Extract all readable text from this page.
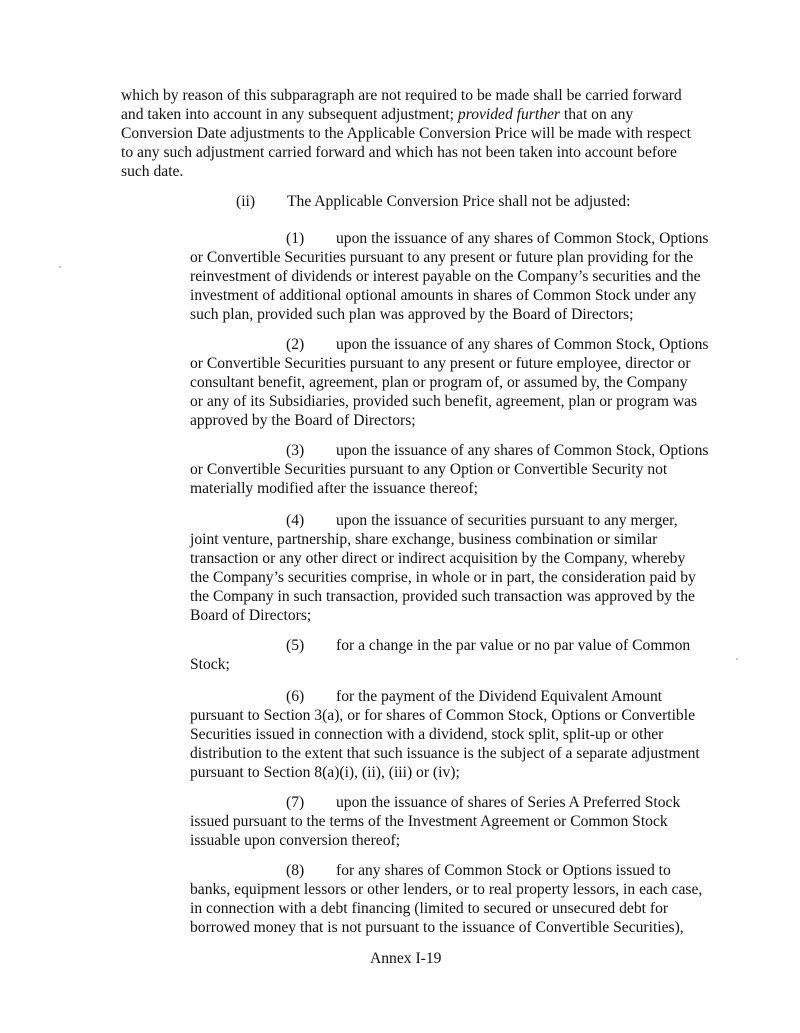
which by reason of this subparagraph are not required to be made shall be carried forward
and taken into account in any subsequent adjustment; provided further that on any
Conversion Date adjustments to the Applicable Conversion Price will be made with respect
to any such adjustment carried forward and which has not been taken into account before
such date.
(ii) The Applicable Conversion Price shall not be adjusted:
(1) upon the issuance of any shares of Common Stock, Options
or Convertible Securities pursuant to any present or future plan providing for the
reinvestment of dividends or interest payable on the Company’s securities and the
investment of additional optional amounts in shares of Common Stock under any
such plan, provided such plan was approved by the Board of Directors;
(2) upon the issuance of any shares of Common Stock, Options
or Convertible Securities pursuant to any present or future employee, director or
consultant benefit, agreement, plan or program of, or assumed by, the Company
or any of its Subsidiaries, provided such benefit, agreement, plan or program was
approved by the Board of Directors;
(3) upon the issuance of any shares of Common Stock, Options
or Convertible Securities pursuant to any Option or Convertible Security not
materially modified after the issuance thereof;
(4) upon the issuance of securities pursuant to any merger,
joint venture, partnership, share exchange, business combination or similar
transaction or any other direct or indirect acquisition by the Company, whereby
the Company’s securities comprise, in whole or in part, the consideration paid by
the Company in such transaction, provided such transaction was approved by the
Board of Directors;
(5) for a change in the par value or no par value of Common
Stock;
(6) for the payment of the Dividend Equivalent Amount
pursuant to Section 3(a), or for shares of Common Stock, Options or Convertible
Securities issued in connection with a dividend, stock split, split-up or other
distribution to the extent that such issuance is the subject of a separate adjustment
pursuant to Section 8(a)(i), (ii), (iii) or (iv);
(7) upon the issuance of shares of Series A Preferred Stock
issued pursuant to the terms of the Investment Agreement or Common Stock
issuable upon conversion thereof;
(8) for any shares of Common Stock or Options issued to
banks, equipment lessors or other lenders, or to real property lessors, in each case,
in connection with a debt financing (limited to secured or unsecured debt for
borrowed money that is not pursuant to the issuance of Convertible Securities),
Annex I-19
